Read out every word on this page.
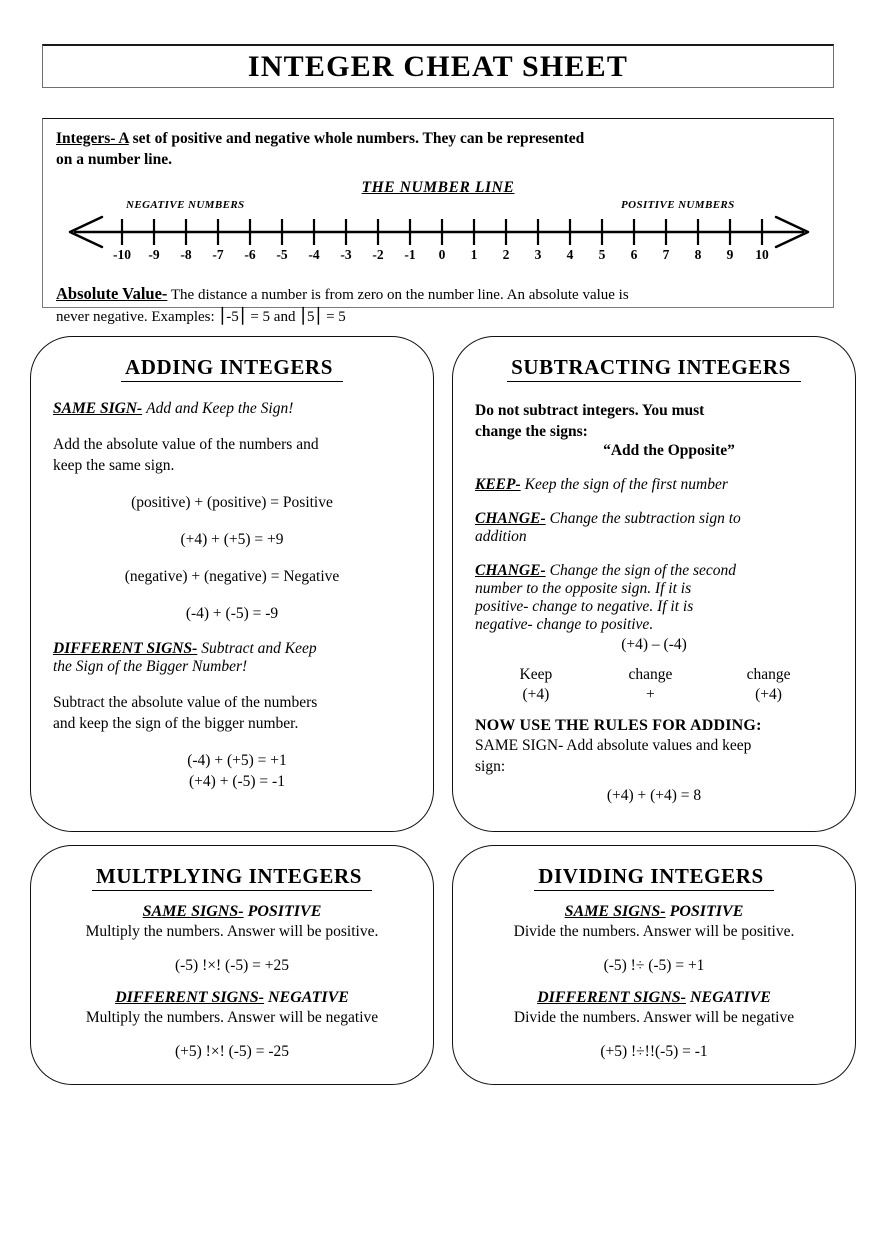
INTEGER CHEAT SHEET
Integers- A set of positive and negative whole numbers. They can be represented
on a number line.
THE NUMBER LINE
NEGATIVE NUMBERS	POSITIVE NUMBERS
-10	-9	-8	-7	-6	-5	-4	-3	-2	-1	0	1	2	3	4	5	6	7	8	9	10
Absolute Value- The distance a number is from zero on the number line. An absolute value is
never negative. Examples: ⎮-5⎮ = 5 and ⎮5⎮ = 5
ADDING INTEGERS
SAME SIGN- Add and Keep the Sign!
Add the absolute value of the numbers and
keep the same sign.
(positive) + (positive) = Positive
(+4) + (+5) = +9
(negative) + (negative) = Negative
(-4) + (-5) = -9
DIFFERENT SIGNS- Subtract and Keep
the Sign of the Bigger Number!
Subtract the absolute value of the numbers
and keep the sign of the bigger number.
(-4) + (+5) = +1
(+4) + (-5) = -1
SUBTRACTING INTEGERS
Do not subtract integers. You must
change the signs:
“Add the Opposite”
KEEP- Keep the sign of the first number
CHANGE- Change the subtraction sign to
addition
CHANGE- Change the sign of the second
number to the opposite sign. If it is
positive- change to negative. If it is
negative- change to positive.
(+4) – (-4)
Keep	change	change
(+4)	+	(+4)
NOW USE THE RULES FOR ADDING:
SAME SIGN- Add absolute values and keep
sign:
(+4) + (+4) = 8
MULTPLYING INTEGERS
SAME SIGNS- POSITIVE
Multiply the numbers. Answer will be positive.
(-5) !×! (-5) = +25
DIFFERENT SIGNS- NEGATIVE
Multiply the numbers. Answer will be negative
(+5) !×! (-5) = -25
DIVIDING INTEGERS
SAME SIGNS- POSITIVE
Divide the numbers. Answer will be positive.
(-5) !÷ (-5) = +1
DIFFERENT SIGNS- NEGATIVE
Divide the numbers. Answer will be negative
(+5) !÷!!(-5) = -1
